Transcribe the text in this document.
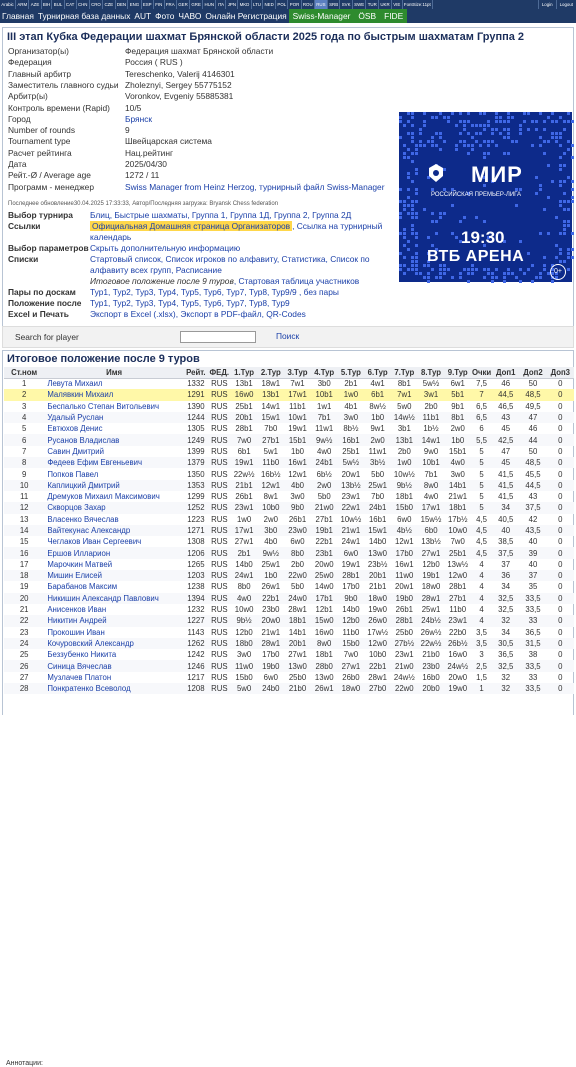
Arabic ARM AZE BIH BUL CAT CHN CRO CZE DEN ENG ESP FIN FRA GER GRE HUN ITA JPN MKD LTU NED POL POR ROU RUS SRB SVK SWE TUR UKR VIE FontSize:11pt	Login	Logout
Главная Турнирная база данных AUT Фото ЧАВО Онлайн Регистрация Swiss-Manager ÖSB FIDE
III этап Кубка Федерации шахмат Брянской области 2025 года по быстрым шахматам Группа 2
Организатор(ы)	Федерация шахмат Брянской области
Федерация	Россия ( RUS )
Главный арбитр	Tereschenko, Valerij 4146301
Заместитель главного судьи Zholeznyi, Sergey 55775152
Арбитр(ы)	Voronkov, Evgeniy 55885381
Контроль времени (Rapid) 10/5
Город	Брянск
Number of rounds	9
Tournament type	Швейцарская система
Расчет рейтинга	Нац.рейтинг
Дата	2025/04/30
Рейт.-Ø / Average age	1272 / 11
Программ - менеджер	Swiss Manager from Heinz Herzog, турнирный файл Swiss-Manager
Последнее обновление30.04.2025 17:33:33, Автор/Последняя загрузка: Bryansk Chess federation
Выбор турнира Блиц, Быстрые шахматы, Группа 1, Группа 1Д, Группа 2, Группа 2Д
Ссылки	Официальная Домашняя страница Организаторов , Ссылка на турнирный календарь
Выбор параметров Скрыть дополнительную информацию
Списки	Стартовый список, Список игроков по алфавиту, Статистика, Список по алфавиту всех групп, Расписание
Итоговое положение после 9 туров, Стартовая таблица участников
Пары по доскам Тур1, Тур2, Тур3, Тур4, Тур5, Тур6, Тур7, Тур8, Тур9/9 , без пары
Положение после Тур1, Тур2, Тур3, Тур4, Тур5, Тур6, Тур7, Тур8, Тур9
Excel и Печать	Экспорт в Excel (.xlsx), Экспорт в PDF-файл, QR-Codes
МИР
РОССИЙСКАЯ ПРЕМЬЕР-ЛИГА
19:30
ВТБ АРЕНА
0+
Search for player	Поиск
Итоговое положение после 9 туров
Ст.ном	Имя	Рейт.	ФЕД.	1.Тур	2.Тур	3.Тур	4.Тур	5.Тур	6.Тур	7.Тур	8.Тур	9.Тур	Очки	Доп1	Доп2	Доп3
1	Левута Михаил	1332	RUS	13b1	18w1	7w1	3b0	2b1	4w1	8b1	5w½	6w1	7,5	46	50	0
2	Малявкин Михаил	1291	RUS	16w0	13b1	17w1	10b1	1w0	6b1	7w1	3w1	5b1	7	44,5	48,5	0
3	Беспалько Степан Витольевич	1390	RUS	25b1	14w1	11b1	1w1	4b1	8w½	5w0	2b0	9b1	6,5	46,5	49,5	0
4	Удалый Руслан	1244	RUS	20b1	15w1	10w1	7b1	3w0	1b0	14w½	11b1	8b1	6,5	43	47	0
5	Евтюхов Денис	1305	RUS	28b1	7b0	19w1	11w1	8b½	9w1	3b1	1b½	2w0	6	45	46	0
6	Русанов Владислав	1249	RUS	7w0	27b1	15b1	9w½	16b1	2w0	13b1	14w1	1b0	5,5	42,5	44	0
7	Савин Дмитрий	1399	RUS	6b1	5w1	1b0	4w0	25b1	11w1	2b0	9w0	15b1	5	47	50	0
8	Федеев Ефим Евгеньевич	1379	RUS	19w1	11b0	16w1	24b1	5w½	3b½	1w0	10b1	4w0	5	45	48,5	0
9	Попков Павел	1350	RUS	22w½	16b½	12w1	6b½	20w1	5b0	10w½	7b1	3w0	5	41,5	45,5	0
10	Каплицкий Дмитрий	1353	RUS	21b1	12w1	4b0	2w0	13b½	25w1	9b½	8w0	14b1	5	41,5	44,5	0
11	Дремуков Михаил Максимович	1299	RUS	26b1	8w1	3w0	5b0	23w1	7b0	18b1	4w0	21w1	5	41,5	43	0
12	Скворцов Захар	1252	RUS	23w1	10b0	9b0	21w0	22w1	24b1	15b0	17w1	18b1	5	34	37,5	0
13	Власенко Вячеслав	1223	RUS	1w0	2w0	26b1	27b1	10w½	16b1	6w0	15w½	17b½	4,5	40,5	42	0
14	Вайтекунас Александр	1271	RUS	17w1	3b0	23w0	19b1	21w1	15w1	4b½	6b0	10w0	4,5	40	43,5	0
15	Чеглаков Иван Сергеевич	1308	RUS	27w1	4b0	6w0	22b1	24w1	14b0	12w1	13b½	7w0	4,5	38,5	40	0
16	Ершов Илларион	1206	RUS	2b1	9w½	8b0	23b1	6w0	13w0	17b0	27w1	25b1	4,5	37,5	39	0
17	Марочкин Матвей	1265	RUS	14b0	25w1	2b0	20w0	19w1	23b½	16w1	12b0	13w½	4	37	40	0
18	Мишин Елисей	1203	RUS	24w1	1b0	22w0	25w0	28b1	20b1	11w0	19b1	12w0	4	36	37	0
19	Барабанов Максим	1238	RUS	8b0	26w1	5b0	14w0	17b0	21b1	20w1	18w0	28b1	4	34	35	0
20	Никишин Александр Павлович	1394	RUS	4w0	22b1	24w0	17b1	9b0	18w0	19b0	28w1	27b1	4	32,5	33,5	0
21	Анисенков Иван	1232	RUS	10w0	23b0	28w1	12b1	14b0	19w0	26b1	25w1	11b0	4	32,5	33,5	0
22	Никитин Андрей	1227	RUS	9b½	20w0	18b1	15w0	12b0	26w0	28b1	24b½	23w1	4	32	33	0
23	Прокошин Иван	1143	RUS	12b0	21w1	14b1	16w0	11b0	17w½	25b0	26w½	22b0	3,5	34	36,5	0
24	Кочуровский Александр	1262	RUS	18b0	28w1	20b1	8w0	15b0	12w0	27b½	22w½	26b½	3,5	30,5	31,5	0
25	Беззубенко Никита	1242	RUS	3w0	17b0	27w1	18b1	7w0	10b0	23w1	21b0	16w0	3	36,5	38	0
26	Синица Вячеслав	1246	RUS	11w0	19b0	13w0	28b0	27w1	22b1	21w0	23b0	24w½	2,5	32,5	33,5	0
27	Музлачев Платон	1217	RUS	15b0	6w0	25b0	13w0	26b0	28w1	24w½	16b0	20w0	1,5	32	33	0
28	Понкратенко Всеволод	1208	RUS	5w0	24b0	21b0	26w1	18w0	27b0	22w0	20b0	19w0	1	32	33,5	0
Аннотации:
